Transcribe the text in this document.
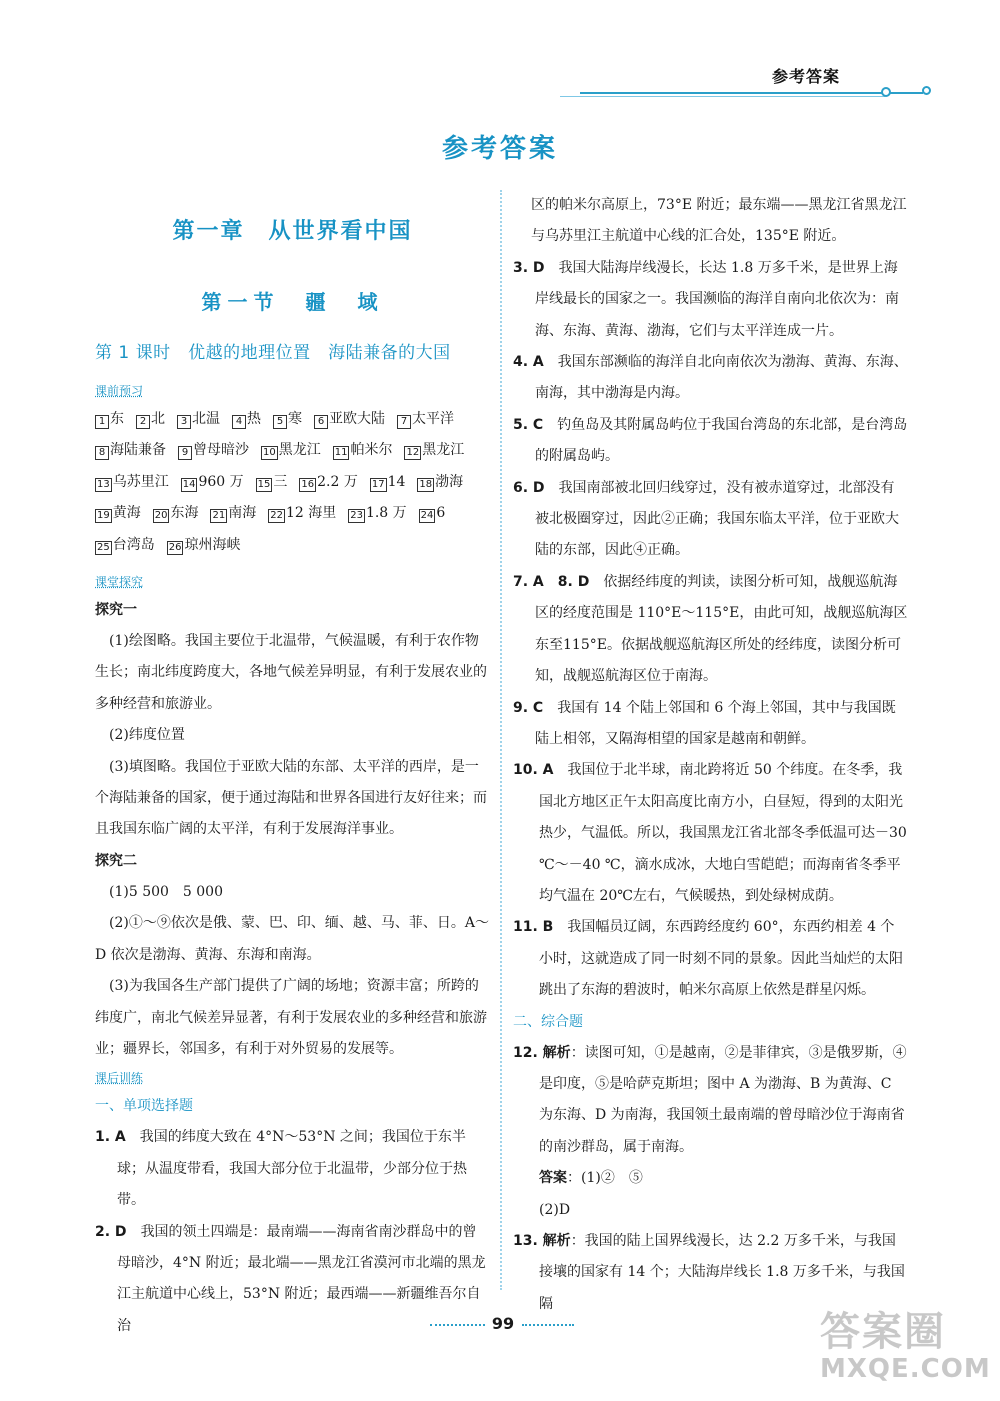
参考答案
参考答案
第一章　从世界看中国
第一节　疆　域
第 1 课时　优越的地理位置　海陆兼备的大国
课前预习
1 东 2 北 3 北温 4 热 5 寒 6 亚欧大陆 7 太平洋8 海陆兼备 9 曾母暗沙 10 黑龙江 11 帕米尔 12 黑龙江13 乌苏里江 14 960 万 15 三 16 2.2 万 17 14 18 渤海19 黄海 20 东海 21 南海 22 12 海里 23 1.8 万 24 625 台湾岛 26 琼州海峡
课堂探究
探究一
(1)绘图略。我国主要位于北温带，气候温暖，有利于农作物生长；南北纬度跨度大，各地气候差异明显，有利于发展农业的多种经营和旅游业。
(2)纬度位置
(3)填图略。我国位于亚欧大陆的东部、太平洋的西岸，是一个海陆兼备的国家，便于通过海陆和世界各国进行友好往来；而且我国东临广阔的太平洋，有利于发展海洋事业。
探究二
(1)5 500　5 000
(2)①～⑨依次是俄、蒙、巴、印、缅、越、马、菲、日。A～D 依次是渤海、黄海、东海和南海。
(3)为我国各生产部门提供了广阔的场地；资源丰富；所跨的纬度广，南北气候差异显著，有利于发展农业的多种经营和旅游业；疆界长，邻国多，有利于对外贸易的发展等。
课后训练
一、单项选择题
1. A　 我国的纬度大致在 4°N～53°N 之间；我国位于东半球；从温度带看，我国大部分位于北温带，少部分位于热带。
2. D　 我国的领土四端是：最南端——海南省南沙群岛中的曾母暗沙，4°N 附近；最北端——黑龙江省漠河市北端的黑龙江主航道中心线上，53°N 附近；最西端——新疆维吾尔自治
区的帕米尔高原上，73°E 附近；最东端——黑龙江省黑龙江与乌苏里江主航道中心线的汇合处，135°E 附近。
3. D　 我国大陆海岸线漫长，长达 1.8 万多千米，是世界上海岸线最长的国家之一。我国濒临的海洋自南向北依次为：南海、东海、黄海、渤海，它们与太平洋连成一片。
4. A　 我国东部濒临的海洋自北向南依次为渤海、黄海、东海、南海，其中渤海是内海。
5. C　 钓鱼岛及其附属岛屿位于我国台湾岛的东北部，是台湾岛的附属岛屿。
6. D　 我国南部被北回归线穿过，没有被赤道穿过，北部没有被北极圈穿过，因此②正确；我国东临太平洋，位于亚欧大陆的东部，因此④正确。
7. A　8. D　 依据经纬度的判读，读图分析可知，战舰巡航海区的经度范围是 110°E～115°E，由此可知，战舰巡航海区东至115°E。依据战舰巡航海区所处的经纬度，读图分析可知，战舰巡航海区位于南海。
9. C　 我国有 14 个陆上邻国和 6 个海上邻国，其中与我国既陆上相邻，又隔海相望的国家是越南和朝鲜。
10. A　 我国位于北半球，南北跨将近 50 个纬度。在冬季，我国北方地区正午太阳高度比南方小，白昼短，得到的太阳光热少，气温低。所以，我国黑龙江省北部冬季低温可达－30 ℃～－40 ℃，滴水成冰，大地白雪皑皑；而海南省冬季平均气温在 20℃左右，气候暖热，到处绿树成荫。
11. B　 我国幅员辽阔，东西跨经度约 60°，东西约相差 4 个小时，这就造成了同一时刻不同的景象。因此当灿烂的太阳跳出了东海的碧波时，帕米尔高原上依然是群星闪烁。
二、综合题
12. 解析：读图可知，①是越南，②是菲律宾，③是俄罗斯，④是印度，⑤是哈萨克斯坦；图中 A 为渤海、B 为黄海、C 为东海、D 为南海，我国领土最南端的曾母暗沙位于海南省的南沙群岛，属于南海。
答案：(1)②　⑤
(2)D
13. 解析：我国的陆上国界线漫长，达 2.2 万多千米，与我国接壤的国家有 14 个；大陆海岸线长 1.8 万多千米，与我国隔
99	答案圈
MXQE.COM
